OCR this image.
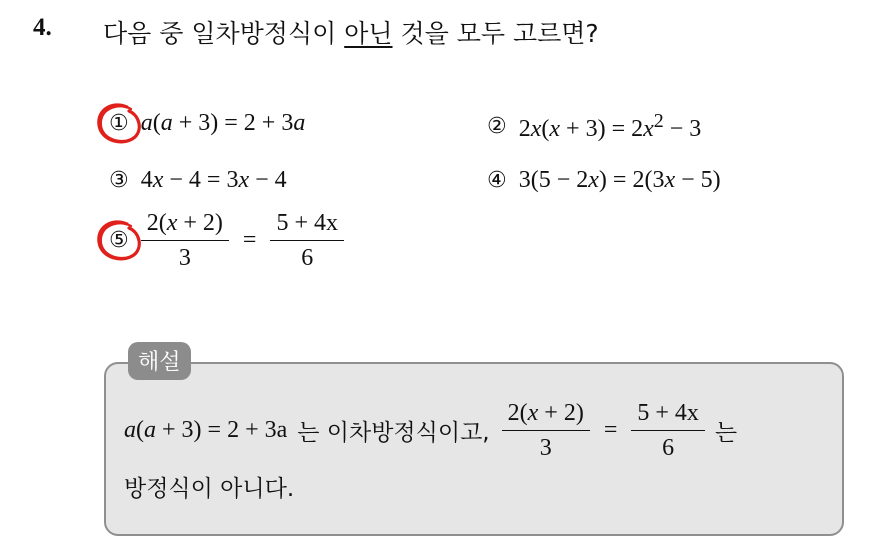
4. 다음 중 일차방정식이 아닌 것을 모두 고르면?
① a(a + 3) = 2 + 3a	② $2x(x + 3) = 2x^2 - 3$
③ 4x − 4 = 3x − 4	④ 3(5 − 2x) = 2(3x − 5)
⑤ $\frac{2(x + 2)}{3} = \frac{5 + 4x}{6}$
해설
a(a + 3) = 2 + 3a 는 이차방정식이고, $\frac{2(x + 2)}{3} = \frac{5 + 4x}{6}$ 는
방정식이 아니다.
